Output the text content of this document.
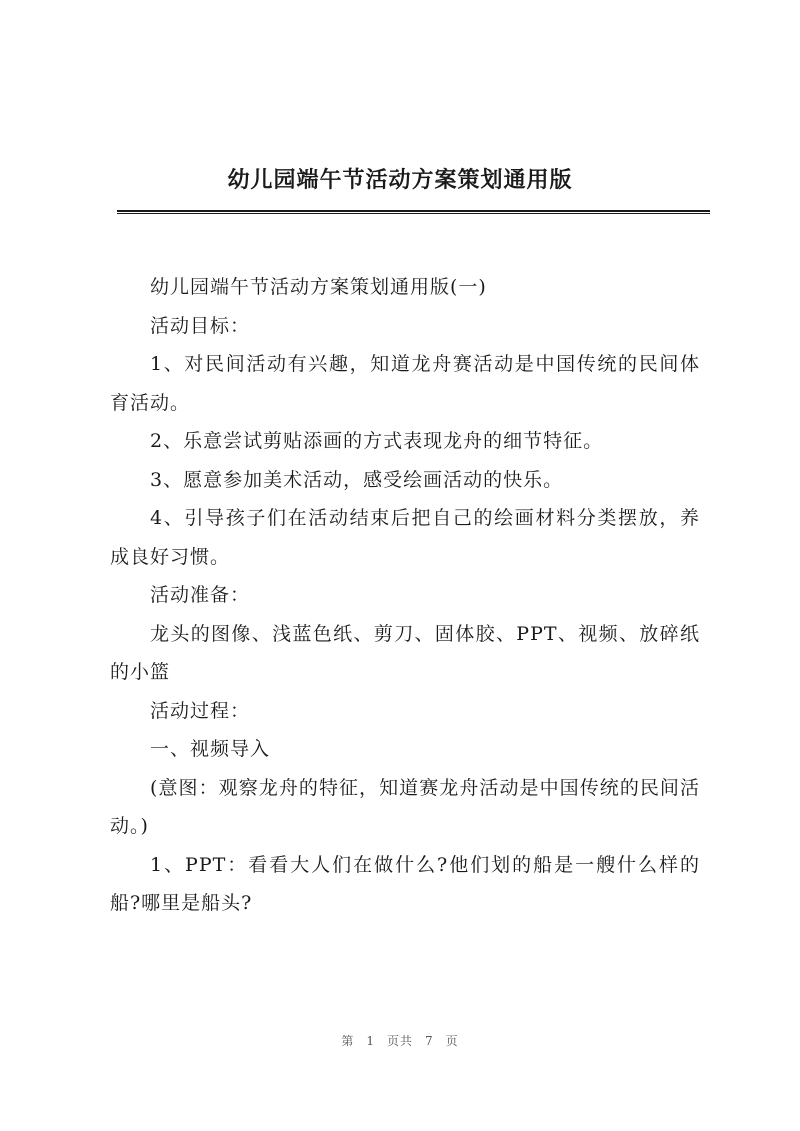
幼儿园端午节活动方案策划通用版

幼儿园端午节活动方案策划通用版(一)

活动目标：

1、对民间活动有兴趣，知道龙舟赛活动是中国传统的民间体育活动。

2、乐意尝试剪贴添画的方式表现龙舟的细节特征。

3、愿意参加美术活动，感受绘画活动的快乐。

4、引导孩子们在活动结束后把自己的绘画材料分类摆放，养成良好习惯。

活动准备：

龙头的图像、浅蓝色纸、剪刀、固体胶、PPT、视频、放碎纸的小篮

活动过程：

一、视频导入

(意图：观察龙舟的特征，知道赛龙舟活动是中国传统的民间活动。)

1、PPT：看看大人们在做什么?他们划的船是一艘什么样的船?哪里是船头?

第 1 页共 7 页
